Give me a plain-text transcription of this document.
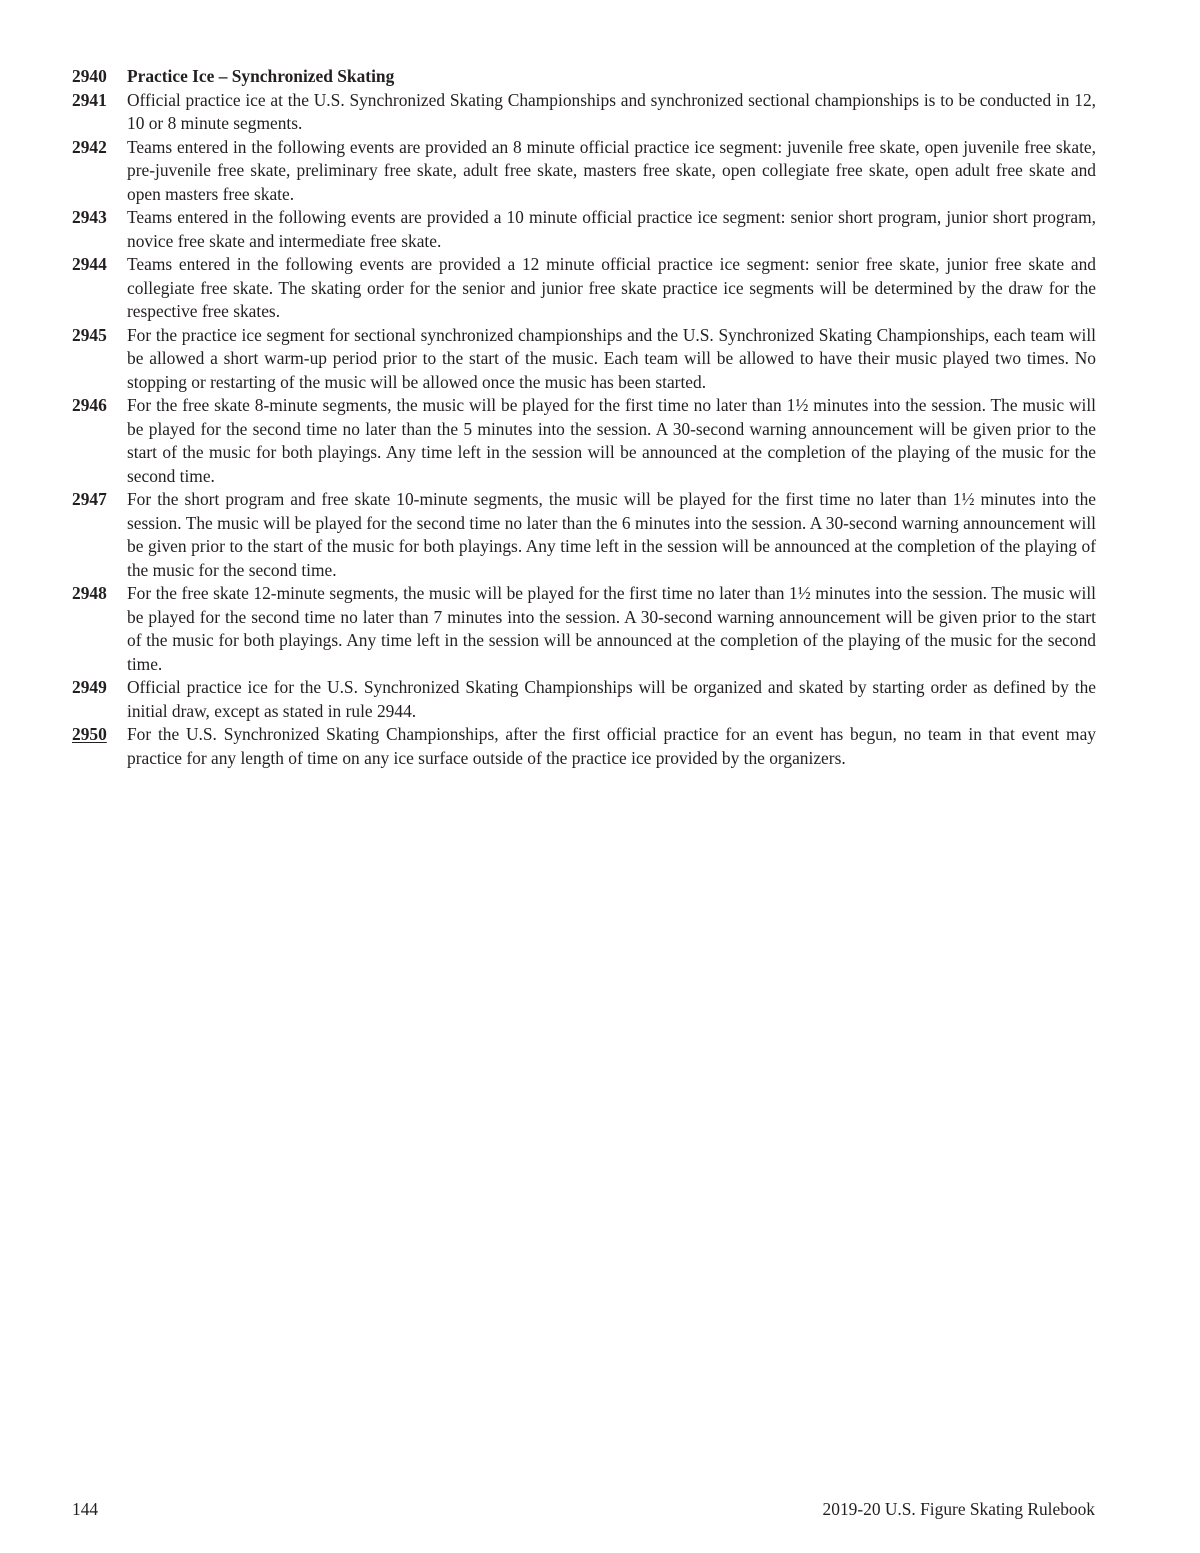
2940	Practice Ice – Synchronized Skating
2941	Official practice ice at the U.S. Synchronized Skating Championships and synchronized sectional championships is to be conducted in 12, 10 or 8 minute segments.
2942	Teams entered in the following events are provided an 8 minute official practice ice segment: juvenile free skate, open juvenile free skate, pre-juvenile free skate, preliminary free skate, adult free skate, masters free skate, open collegiate free skate, open adult free skate and open masters free skate.
2943	Teams entered in the following events are provided a 10 minute official practice ice segment: senior short program, junior short program, novice free skate and intermediate free skate.
2944	Teams entered in the following events are provided a 12 minute official practice ice segment: senior free skate, junior free skate and collegiate free skate. The skating order for the senior and junior free skate practice ice segments will be determined by the draw for the respective free skates.
2945	For the practice ice segment for sectional synchronized championships and the U.S. Synchronized Skating Championships, each team will be allowed a short warm-up period prior to the start of the music. Each team will be allowed to have their music played two times. No stopping or restarting of the music will be allowed once the music has been started.
2946	For the free skate 8-minute segments, the music will be played for the first time no later than 1½ minutes into the session. The music will be played for the second time no later than the 5 minutes into the session. A 30-second warning announcement will be given prior to the start of the music for both playings. Any time left in the session will be announced at the completion of the playing of the music for the second time.
2947	For the short program and free skate 10-minute segments, the music will be played for the first time no later than 1½ minutes into the session. The music will be played for the second time no later than the 6 minutes into the session. A 30-second warning announcement will be given prior to the start of the music for both playings. Any time left in the session will be announced at the completion of the playing of the music for the second time.
2948	For the free skate 12-minute segments, the music will be played for the first time no later than 1½ minutes into the session. The music will be played for the second time no later than 7 minutes into the session. A 30-second warning announcement will be given prior to the start of the music for both playings. Any time left in the session will be announced at the completion of the playing of the music for the second time.
2949	Official practice ice for the U.S. Synchronized Skating Championships will be organized and skated by starting order as defined by the initial draw, except as stated in rule 2944.
2950	For the U.S. Synchronized Skating Championships, after the first official practice for an event has begun, no team in that event may practice for any length of time on any ice surface outside of the practice ice provided by the organizers.
144	2019-20 U.S. Figure Skating Rulebook
